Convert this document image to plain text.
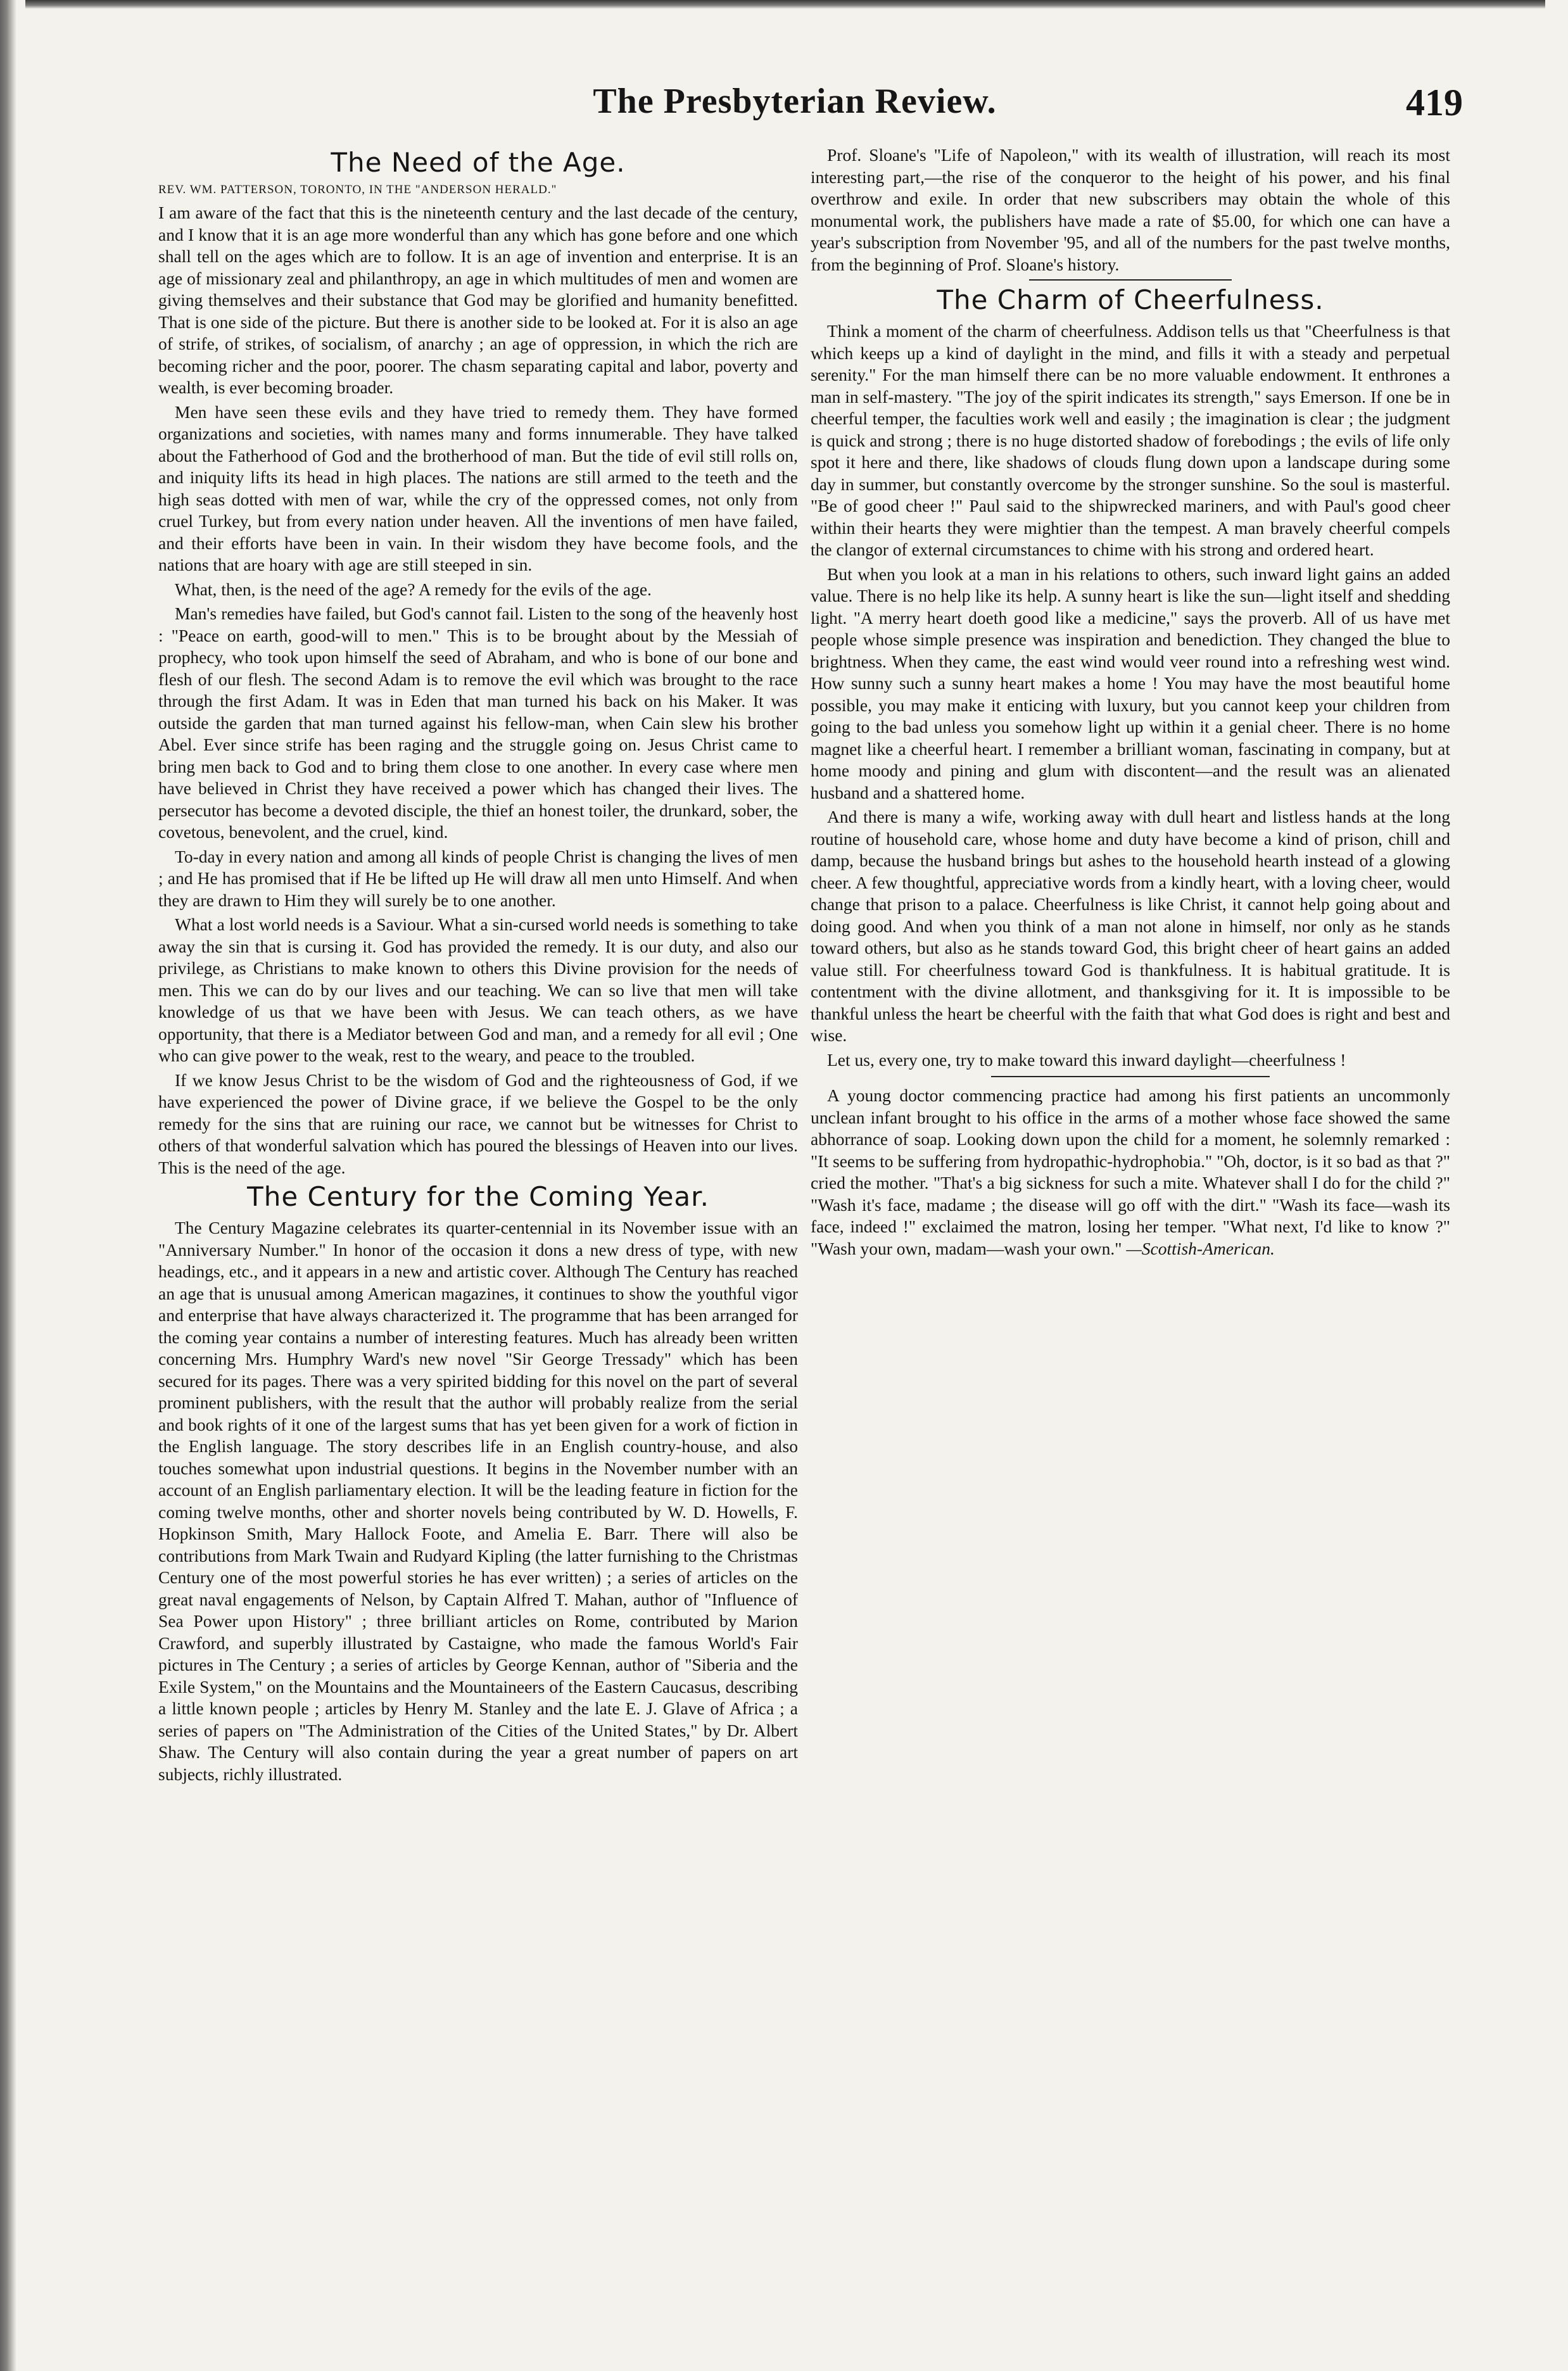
The Presbyterian Review.	419
The Need of the Age.
REV. WM. PATTERSON, TORONTO, IN THE "ANDERSON HERALD."

I am aware of the fact that this is the nineteenth century and the last decade of the century, and I know that it is an age more wonderful than any which has gone before and one which shall tell on the ages which are to follow. It is an age of invention and enterprise. It is an age of missionary zeal and philanthropy, an age in which multitudes of men and women are giving themselves and their substance that God may be glorified and humanity benefitted. That is one side of the picture. But there is another side to be looked at. For it is also an age of strife, of strikes, of socialism, of anarchy ; an age of oppression, in which the rich are becoming richer and the poor, poorer. The chasm separating capital and labor, poverty and wealth, is ever becoming broader.

Men have seen these evils and they have tried to remedy them. They have formed organizations and societies, with names many and forms innumerable. They have talked about the Fatherhood of God and the brotherhood of man. But the tide of evil still rolls on, and iniquity lifts its head in high places. The nations are still armed to the teeth and the high seas dotted with men of war, while the cry of the oppressed comes, not only from cruel Turkey, but from every nation under heaven. All the inventions of men have failed, and their efforts have been in vain. In their wisdom they have become fools, and the nations that are hoary with age are still steeped in sin.

What, then, is the need of the age? A remedy for the evils of the age.

Man's remedies have failed, but God's cannot fail. Listen to the song of the heavenly host : "Peace on earth, good-will to men." This is to be brought about by the Messiah of prophecy, who took upon himself the seed of Abraham, and who is bone of our bone and flesh of our flesh. The second Adam is to remove the evil which was brought to the race through the first Adam. It was in Eden that man turned his back on his Maker. It was outside the garden that man turned against his fellow-man, when Cain slew his brother Abel. Ever since strife has been raging and the struggle going on. Jesus Christ came to bring men back to God and to bring them close to one another. In every case where men have believed in Christ they have received a power which has changed their lives. The persecutor has become a devoted disciple, the thief an honest toiler, the drunkard, sober, the covetous, benevolent, and the cruel, kind.

To-day in every nation and among all kinds of people Christ is changing the lives of men ; and He has promised that if He be lifted up He will draw all men unto Himself. And when they are drawn to Him they will surely be to one another.

What a lost world needs is a Saviour. What a sin-cursed world needs is something to take away the sin that is cursing it. God has provided the remedy. It is our duty, and also our privilege, as Christians to make known to others this Divine provision for the needs of men. This we can do by our lives and our teaching. We can so live that men will take knowledge of us that we have been with Jesus. We can teach others, as we have opportunity, that there is a Mediator between God and man, and a remedy for all evil ; One who can give power to the weak, rest to the weary, and peace to the troubled.

If we know Jesus Christ to be the wisdom of God and the righteousness of God, if we have experienced the power of Divine grace, if we believe the Gospel to be the only remedy for the sins that are ruining our race, we cannot but be witnesses for Christ to others of that wonderful salvation which has poured the blessings of Heaven into our lives. This is the need of the age.

The Century for the Coming Year.

The Century Magazine celebrates its quarter-centennial in its November issue with an "Anniversary Number." In honor of the occasion it dons a new dress of type, with new headings, etc., and it appears in a new and artistic cover. Although The Century has reached an age that is unusual among American magazines, it continues to show the youthful vigor and enterprise that have always characterized it. The programme that has been arranged for the coming year contains a number of interesting features. Much has already been written concerning Mrs. Humphry Ward's new novel "Sir George Tressady" which has been secured for its pages. There was a very spirited bidding for this novel on the part of several prominent publishers, with the result that the author will probably realize from the serial and book rights of it one of the largest sums that has yet been given for a work of fiction in the English language. The story describes life in an English country-house, and also touches somewhat upon industrial questions. It begins in the November number with an account of an English parliamentary election. It will be the leading feature in fiction for the coming twelve months, other and shorter novels being contributed by W. D. Howells, F. Hopkinson Smith, Mary Hallock Foote, and Amelia E. Barr. There will also be contributions from Mark Twain and Rudyard Kipling (the latter furnishing to the Christmas Century one of the most powerful stories he has ever written) ; a series of articles on the great naval engagements of Nelson, by Captain Alfred T. Mahan, author of "Influence of Sea Power upon History" ; three brilliant articles on Rome, contributed by Marion Crawford, and superbly illustrated by Castaigne, who made the famous World's Fair pictures in The Century ; a series of articles by George Kennan, author of "Siberia and the Exile System," on the Mountains and the Mountaineers of the Eastern Caucasus, describing a little known people ; articles by Henry M. Stanley and the late E. J. Glave of Africa ; a series of papers on "The Administration of the Cities of the United States," by Dr. Albert Shaw. The Century will also contain during the year a great number of papers on art subjects, richly illustrated.

Prof. Sloane's "Life of Napoleon," with its wealth of illustration, will reach its most interesting part,—the rise of the conqueror to the height of his power, and his final overthrow and exile. In order that new subscribers may obtain the whole of this monumental work, the publishers have made a rate of $5.00, for which one can have a year's subscription from November '95, and all of the numbers for the past twelve months, from the beginning of Prof. Sloane's history.

The Charm of Cheerfulness.

Think a moment of the charm of cheerfulness. Addison tells us that "Cheerfulness is that which keeps up a kind of daylight in the mind, and fills it with a steady and perpetual serenity." For the man himself there can be no more valuable endowment. It enthrones a man in self-mastery. "The joy of the spirit indicates its strength," says Emerson. If one be in cheerful temper, the faculties work well and easily ; the imagination is clear ; the judgment is quick and strong ; there is no huge distorted shadow of forebodings ; the evils of life only spot it here and there, like shadows of clouds flung down upon a landscape during some day in summer, but constantly overcome by the stronger sunshine. So the soul is masterful. "Be of good cheer !" Paul said to the shipwrecked mariners, and with Paul's good cheer within their hearts they were mightier than the tempest. A man bravely cheerful compels the clangor of external circumstances to chime with his strong and ordered heart.

But when you look at a man in his relations to others, such inward light gains an added value. There is no help like its help. A sunny heart is like the sun—light itself and shedding light. "A merry heart doeth good like a medicine," says the proverb. All of us have met people whose simple presence was inspiration and benediction. They changed the blue to brightness. When they came, the east wind would veer round into a refreshing west wind. How sunny such a sunny heart makes a home ! You may have the most beautiful home possible, you may make it enticing with luxury, but you cannot keep your children from going to the bad unless you somehow light up within it a genial cheer. There is no home magnet like a cheerful heart. I remember a brilliant woman, fascinating in company, but at home moody and pining and glum with discontent—and the result was an alienated husband and a shattered home.

And there is many a wife, working away with dull heart and listless hands at the long routine of household care, whose home and duty have become a kind of prison, chill and damp, because the husband brings but ashes to the household hearth instead of a glowing cheer. A few thoughtful, appreciative words from a kindly heart, with a loving cheer, would change that prison to a palace. Cheerfulness is like Christ, it cannot help going about and doing good. And when you think of a man not alone in himself, nor only as he stands toward others, but also as he stands toward God, this bright cheer of heart gains an added value still. For cheerfulness toward God is thankfulness. It is habitual gratitude. It is contentment with the divine allotment, and thanksgiving for it. It is impossible to be thankful unless the heart be cheerful with the faith that what God does is right and best and wise.

Let us, every one, try to make toward this inward daylight—cheerfulness !

A young doctor commencing practice had among his first patients an uncommonly unclean infant brought to his office in the arms of a mother whose face showed the same abhorrance of soap. Looking down upon the child for a moment, he solemnly remarked : "It seems to be suffering from hydropathic-hydrophobia." "Oh, doctor, is it so bad as that ?" cried the mother. "That's a big sickness for such a mite. Whatever shall I do for the child ?" "Wash it's face, madame ; the disease will go off with the dirt." "Wash its face—wash its face, indeed !" exclaimed the matron, losing her temper. "What next, I'd like to know ?" "Wash your own, madam—wash your own." —Scottish-American.
